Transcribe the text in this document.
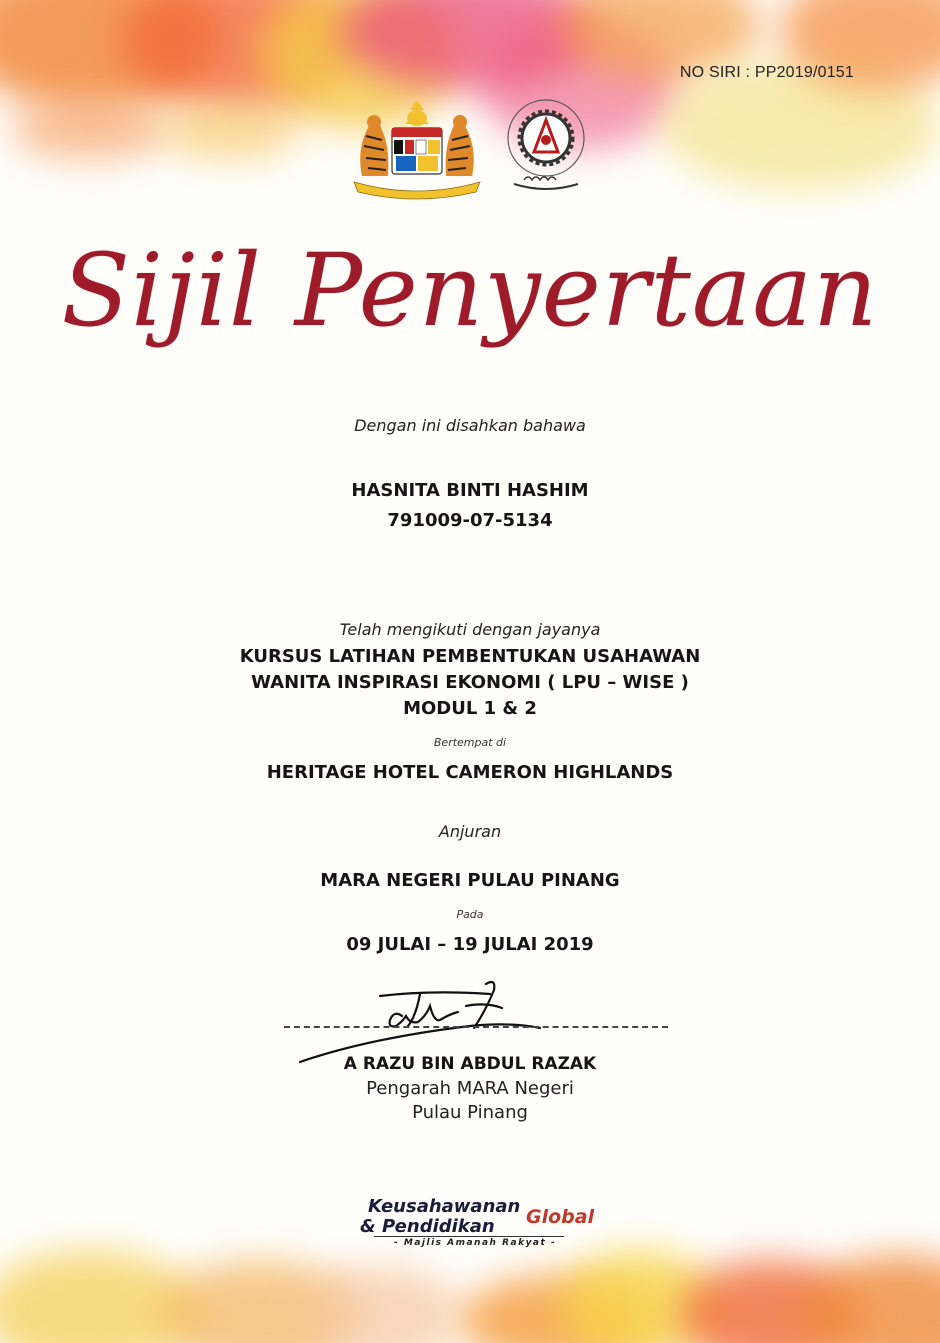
NO SIRI : PP2019/0151
Sijil Penyertaan
Dengan ini disahkan bahawa
HASNITA BINTI HASHIM
791009-07-5134
Telah mengikuti dengan jayanya
KURSUS LATIHAN PEMBENTUKAN USAHAWAN
WANITA INSPIRASI EKONOMI ( LPU – WISE )
MODUL 1 & 2
Bertempat di
HERITAGE HOTEL CAMERON HIGHLANDS
Anjuran
MARA NEGERI PULAU PINANG
Pada
09 JULAI – 19 JULAI 2019
A RAZU BIN ABDUL RAZAK
Pengarah MARA Negeri
Pulau Pinang
Keusahawanan
& Pendidikan Global
- Majlis Amanah Rakyat -
